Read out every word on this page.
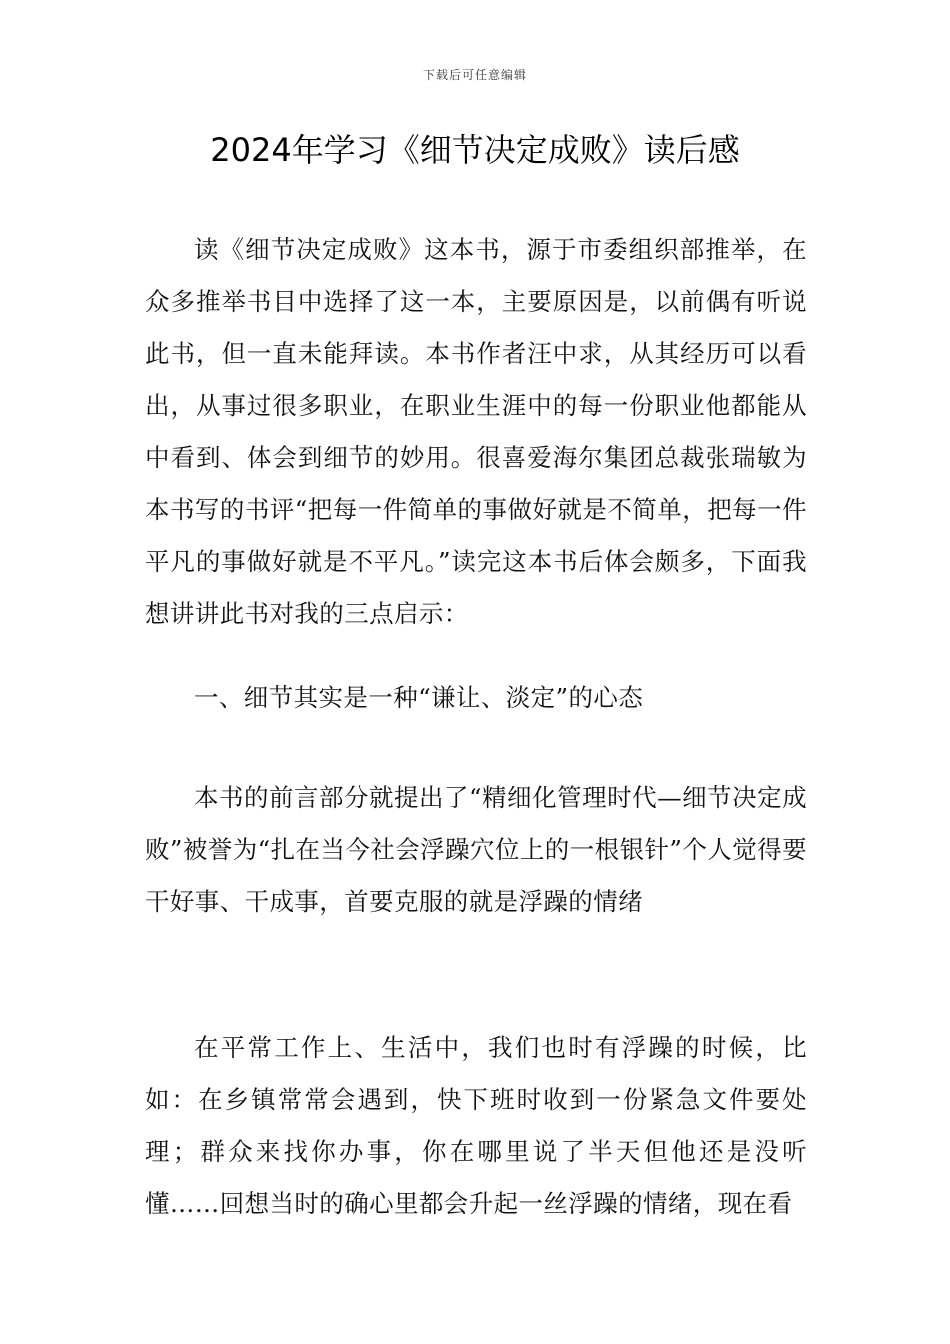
下载后可任意编辑
2024年学习《细节决定成败》读后感

读《细节决定成败》这本书，源于市委组织部推举，在众多推举书目中选择了这一本，主要原因是，以前偶有听说此书，但一直未能拜读。本书作者汪中求，从其经历可以看出，从事过很多职业，在职业生涯中的每一份职业他都能从中看到、体会到细节的妙用。很喜爱海尔集团总裁张瑞敏为本书写的书评“把每一件简单的事做好就是不简单，把每一件平凡的事做好就是不平凡。”读完这本书后体会颇多，下面我想讲讲此书对我的三点启示：

一、细节其实是一种“谦让、淡定”的心态

本书的前言部分就提出了“精细化管理时代—细节决定成败”被誉为“扎在当今社会浮躁穴位上的一根银针”个人觉得要干好事、干成事，首要克服的就是浮躁的情绪

在平常工作上、生活中，我们也时有浮躁的时候，比如：在乡镇常常会遇到，快下班时收到一份紧急文件要处理；群众来找你办事，你在哪里说了半天但他还是没听懂……回想当时的确心里都会升起一丝浮躁的情绪，现在看
